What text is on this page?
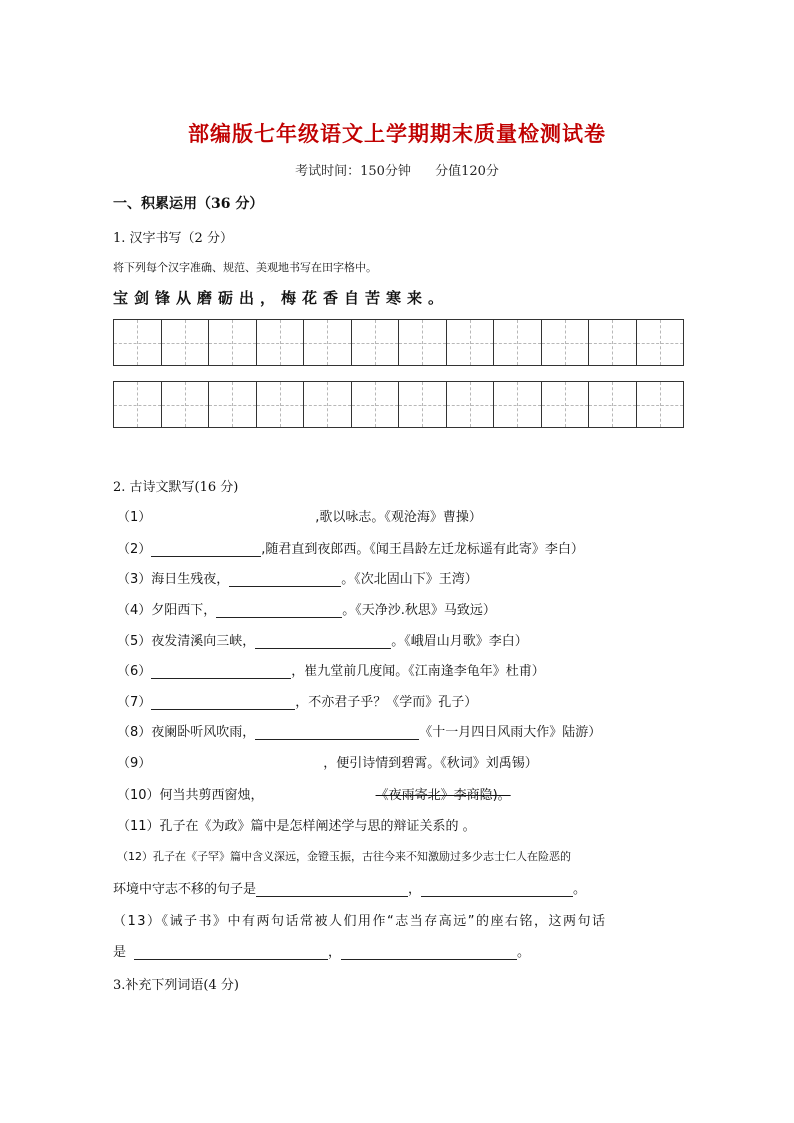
部编版七年级语文上学期期末质量检测试卷
考试时间：150分钟 分值120分
一、积累运用（36 分）
1. 汉字书写（2 分）
将下列每个汉字准确、规范、美观地书写在田字格中。
宝剑锋从磨砺出，梅花香自苦寒来。
2. 古诗文默写(16 分)
（1）	,歌以咏志。《观沧海》曹操）
（2）	,随君直到夜郎西。《闻王昌龄左迁龙标遥有此寄》李白）
（3）海日生残夜，	。《次北固山下》王湾）
（4）夕阳西下，	。《天净沙.秋思》马致远）
（5）夜发清溪向三峡，	。《峨眉山月歌》李白）
（6）	，崔九堂前几度闻。《江南逢李龟年》杜甫）
（7）	，不亦君子乎？《学而》孔子）
（8）夜阑卧听风吹雨，	《十一月四日风雨大作》陆游）
（9）	，便引诗情到碧霄。《秋词》刘禹锡）
（10）何当共剪西窗烛，	《夜雨寄北》李商隐)。
（11）孔子在《为政》篇中是怎样阐述学与思的辩证关系的 。
（12）孔子在《子罕》篇中含义深远，金镫玉振，古往今来不知激励过多少志士仁人在险恶的
环境中守志不移的句子是	，	。
（13）《诫子书》中有两句话常被人们用作“志当存高远”的座右铭，这两句话
是	，	。
3.补充下列词语(4 分)
